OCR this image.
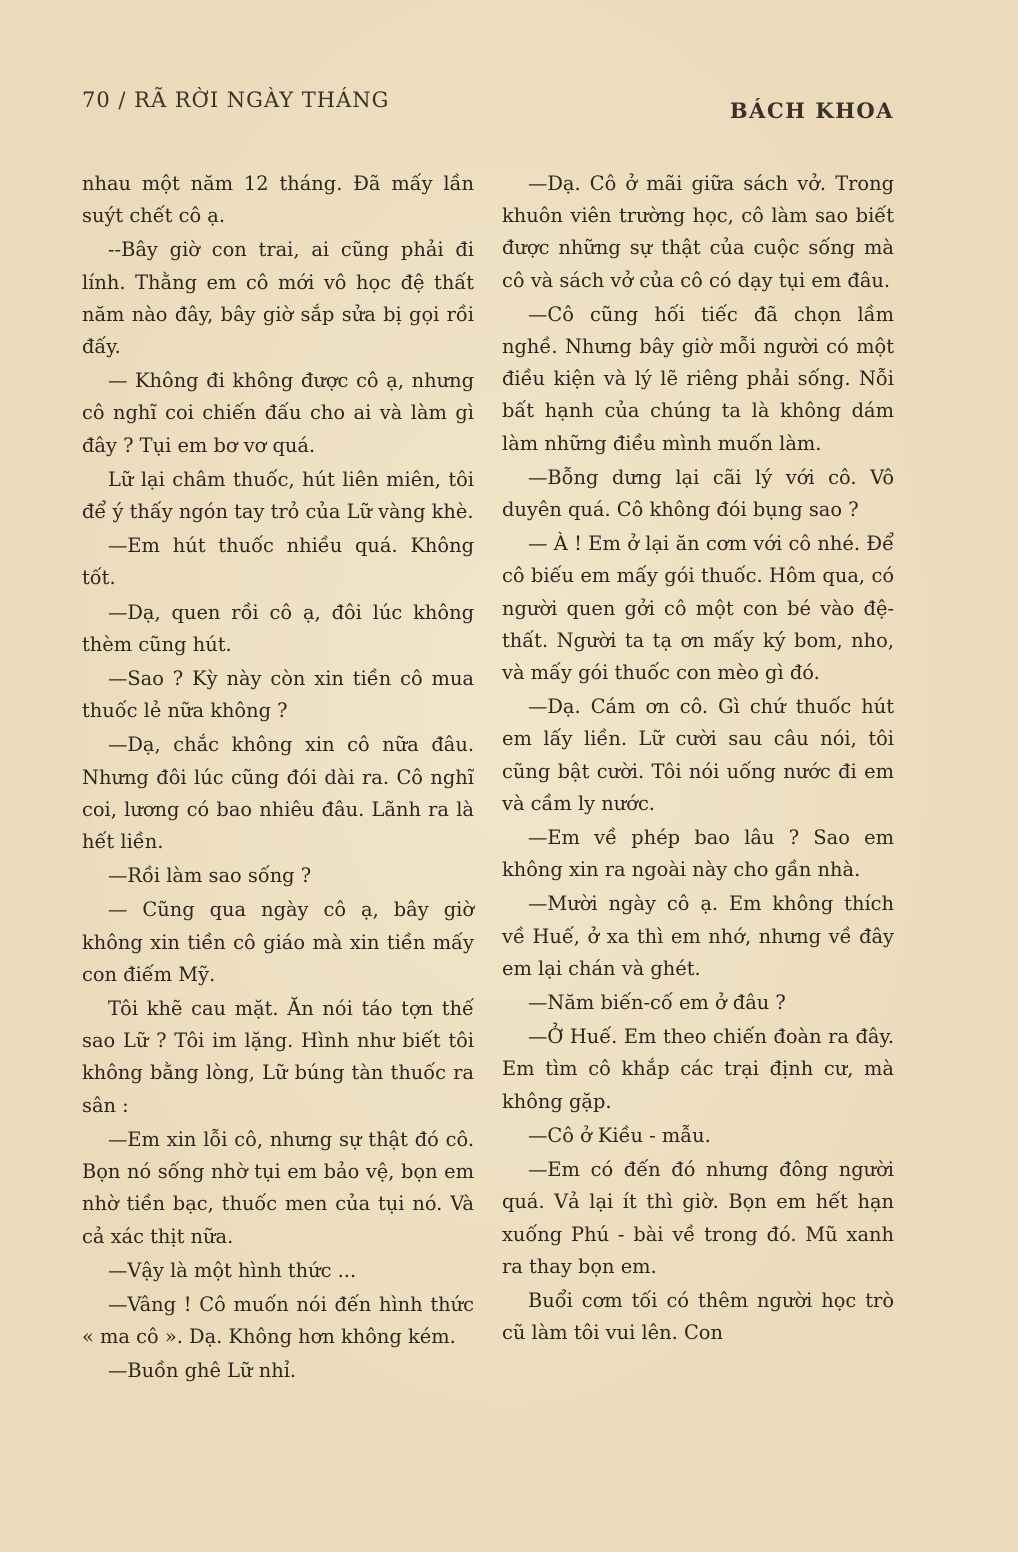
70 / RÃ RỜI NGÀY THÁNG	BÁCH KHOA

nhau một năm 12 tháng. Đã mấy lần suýt chết cô ạ.

--Bây giờ con trai, ai cũng phải đi lính. Thằng em cô mới vô học đệ thất năm nào đây, bây giờ sắp sửa bị gọi rồi đấy.

— Không đi không được cô ạ, nhưng cô nghĩ coi chiến đấu cho ai và làm gì đây ? Tụi em bơ vơ quá.

Lữ lại châm thuốc, hút liên miên, tôi để ý thấy ngón tay trỏ của Lữ vàng khè.

—Em hút thuốc nhiều quá. Không tốt.

—Dạ, quen rồi cô ạ, đôi lúc không thèm cũng hút.

—Sao ? Kỳ này còn xin tiền cô mua thuốc lẻ nữa không ?

—Dạ, chắc không xin cô nữa đâu. Nhưng đôi lúc cũng đói dài ra. Cô nghĩ coi, lương có bao nhiêu đâu. Lãnh ra là hết liền.

—Rồi làm sao sống ?

— Cũng qua ngày cô ạ, bây giờ không xin tiền cô giáo mà xin tiền mấy con điếm Mỹ.

Tôi khẽ cau mặt. Ăn nói táo tợn thế sao Lữ ? Tôi im lặng. Hình như biết tôi không bằng lòng, Lữ búng tàn thuốc ra sân :

—Em xin lỗi cô, nhưng sự thật đó cô. Bọn nó sống nhờ tụi em bảo vệ, bọn em nhờ tiền bạc, thuốc men của tụi nó. Và cả xác thịt nữa.

—Vậy là một hình thức ...

—Vâng ! Cô muốn nói đến hình thức « ma cô ». Dạ. Không hơn không kém.

—Buồn ghê Lữ nhỉ.

—Dạ. Cô ở mãi giữa sách vở. Trong khuôn viên trường học, cô làm sao biết được những sự thật của cuộc sống mà cô và sách vở của cô có dạy tụi em đâu.

—Cô cũng hối tiếc đã chọn lầm nghề. Nhưng bây giờ mỗi người có một điều kiện và lý lẽ riêng phải sống. Nỗi bất hạnh của chúng ta là không dám làm những điều mình muốn làm.

—Bỗng dưng lại cãi lý với cô. Vô duyên quá. Cô không đói bụng sao ?

— À ! Em ở lại ăn cơm với cô nhé. Để cô biếu em mấy gói thuốc. Hôm qua, có người quen gởi cô một con bé vào đệ-thất. Người ta tạ ơn mấy ký bom, nho, và mấy gói thuốc con mèo gì đó.

—Dạ. Cám ơn cô. Gì chứ thuốc hút em lấy liền. Lữ cười sau câu nói, tôi cũng bật cười. Tôi nói uống nước đi em và cầm ly nước.

—Em về phép bao lâu ? Sao em không xin ra ngoài này cho gần nhà.

—Mười ngày cô ạ. Em không thích về Huế, ở xa thì em nhớ, nhưng về đây em lại chán và ghét.

—Năm biến-cố em ở đâu ?

—Ở Huế. Em theo chiến đoàn ra đây. Em tìm cô khắp các trại định cư, mà không gặp.

—Cô ở Kiều - mẫu.

—Em có đến đó nhưng đông người quá. Vả lại ít thì giờ. Bọn em hết hạn xuống Phú - bài về trong đó. Mũ xanh ra thay bọn em.

Buổi cơm tối có thêm người học trò cũ làm tôi vui lên. Con
